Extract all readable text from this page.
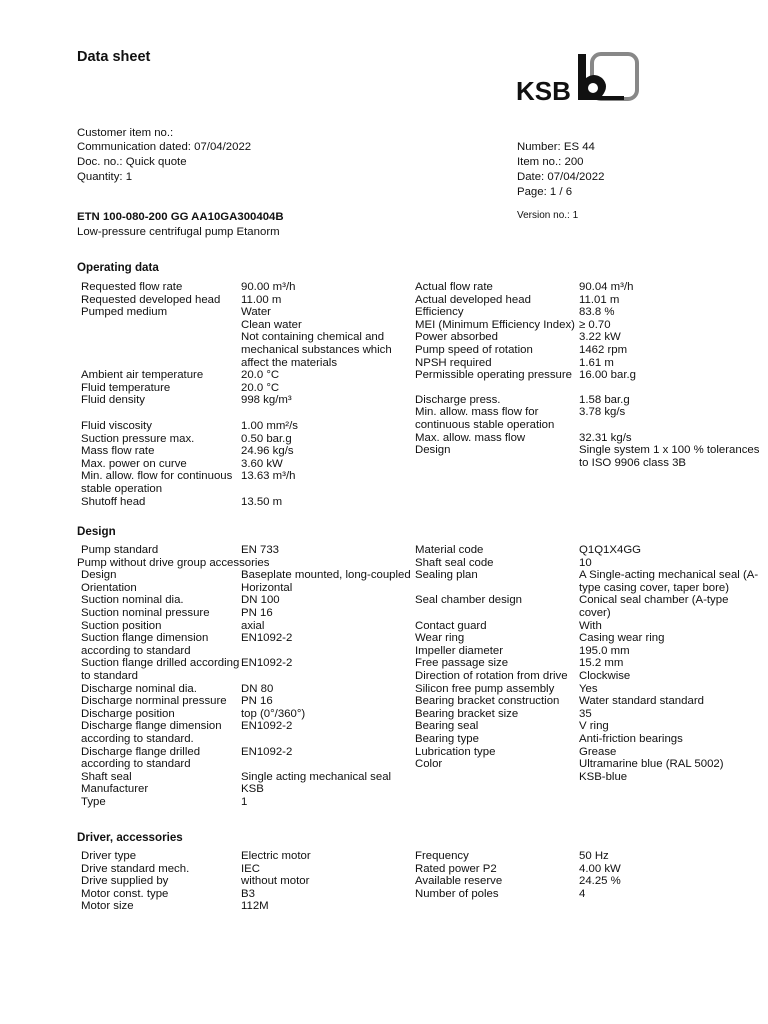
Data sheet
KSB
Customer item no.:
Communication dated: 07/04/2022
Doc. no.: Quick quote
Quantity: 1
Number: ES 44
Item no.: 200
Date: 07/04/2022
Page: 1 / 6
ETN 100-080-200 GG AA10GA300404B	Version no.: 1
Low-pressure centrifugal pump Etanorm
Operating data
Requested flow rate	90.00 m³/h
Requested developed head	11.00 m
Pumped medium	Water
Clean water
Not containing chemical and mechanical substances which affect the materials
Ambient air temperature	20.0 °C
Fluid temperature	20.0 °C
Fluid density	998 kg/m³
Fluid viscosity	1.00 mm²/s
Suction pressure max.	0.50 bar.g
Mass flow rate	24.96 kg/s
Max. power on curve	3.60 kW
Min. allow. flow for continuous stable operation
13.63 m³/h
Shutoff head	13.50 m
Actual flow rate	90.04 m³/h
Actual developed head	11.01 m
Efficiency	83.8 %
MEI (Minimum Efficiency Index) ≥ 0.70
Power absorbed	3.22 kW
Pump speed of rotation	1462 rpm
NPSH required	1.61 m
Permissible operating pressure 16.00 bar.g
Discharge press.	1.58 bar.g
Min. allow. mass flow for continuous stable operation
3.78 kg/s
Max. allow. mass flow	32.31 kg/s
Design	Single system 1 x 100 % tolerances to ISO 9906 class 3B
Design
Pump standard	EN 733
Pump without drive group accessories
Design	Baseplate mounted, long-coupled
Orientation	Horizontal
Suction nominal dia.	DN 100
Suction nominal pressure	PN 16
Suction position	axial
Suction flange dimension according to standard
EN1092-2
Suction flange drilled according to standard
EN1092-2
Discharge nominal dia.	DN 80
Discharge norminal pressure	PN 16
Discharge position	top (0°/360°)
Discharge flange dimension according to standard.
EN1092-2
Discharge flange drilled according to standard
EN1092-2
Shaft seal	Single acting mechanical seal
Manufacturer	KSB
Type	1
Material code	Q1Q1X4GG
Shaft seal code	10
Sealing plan	A Single-acting mechanical seal (A-type casing cover, taper bore)
Seal chamber design	Conical seal chamber (A-type cover)
Contact guard	With
Wear ring	Casing wear ring
Impeller diameter	195.0 mm
Free passage size	15.2 mm
Direction of rotation from drive	Clockwise
Silicon free pump assembly	Yes
Bearing bracket construction	Water standard standard
Bearing bracket size	35
Bearing seal	V ring
Bearing type	Anti-friction bearings
Lubrication type	Grease
Color	Ultramarine blue (RAL 5002)
KSB-blue
Driver, accessories
Driver type	Electric motor
Drive standard mech.	IEC
Drive supplied by	without motor
Motor const. type	B3
Motor size	112M
Frequency	50 Hz
Rated power P2	4.00 kW
Available reserve	24.25 %
Number of poles	4
